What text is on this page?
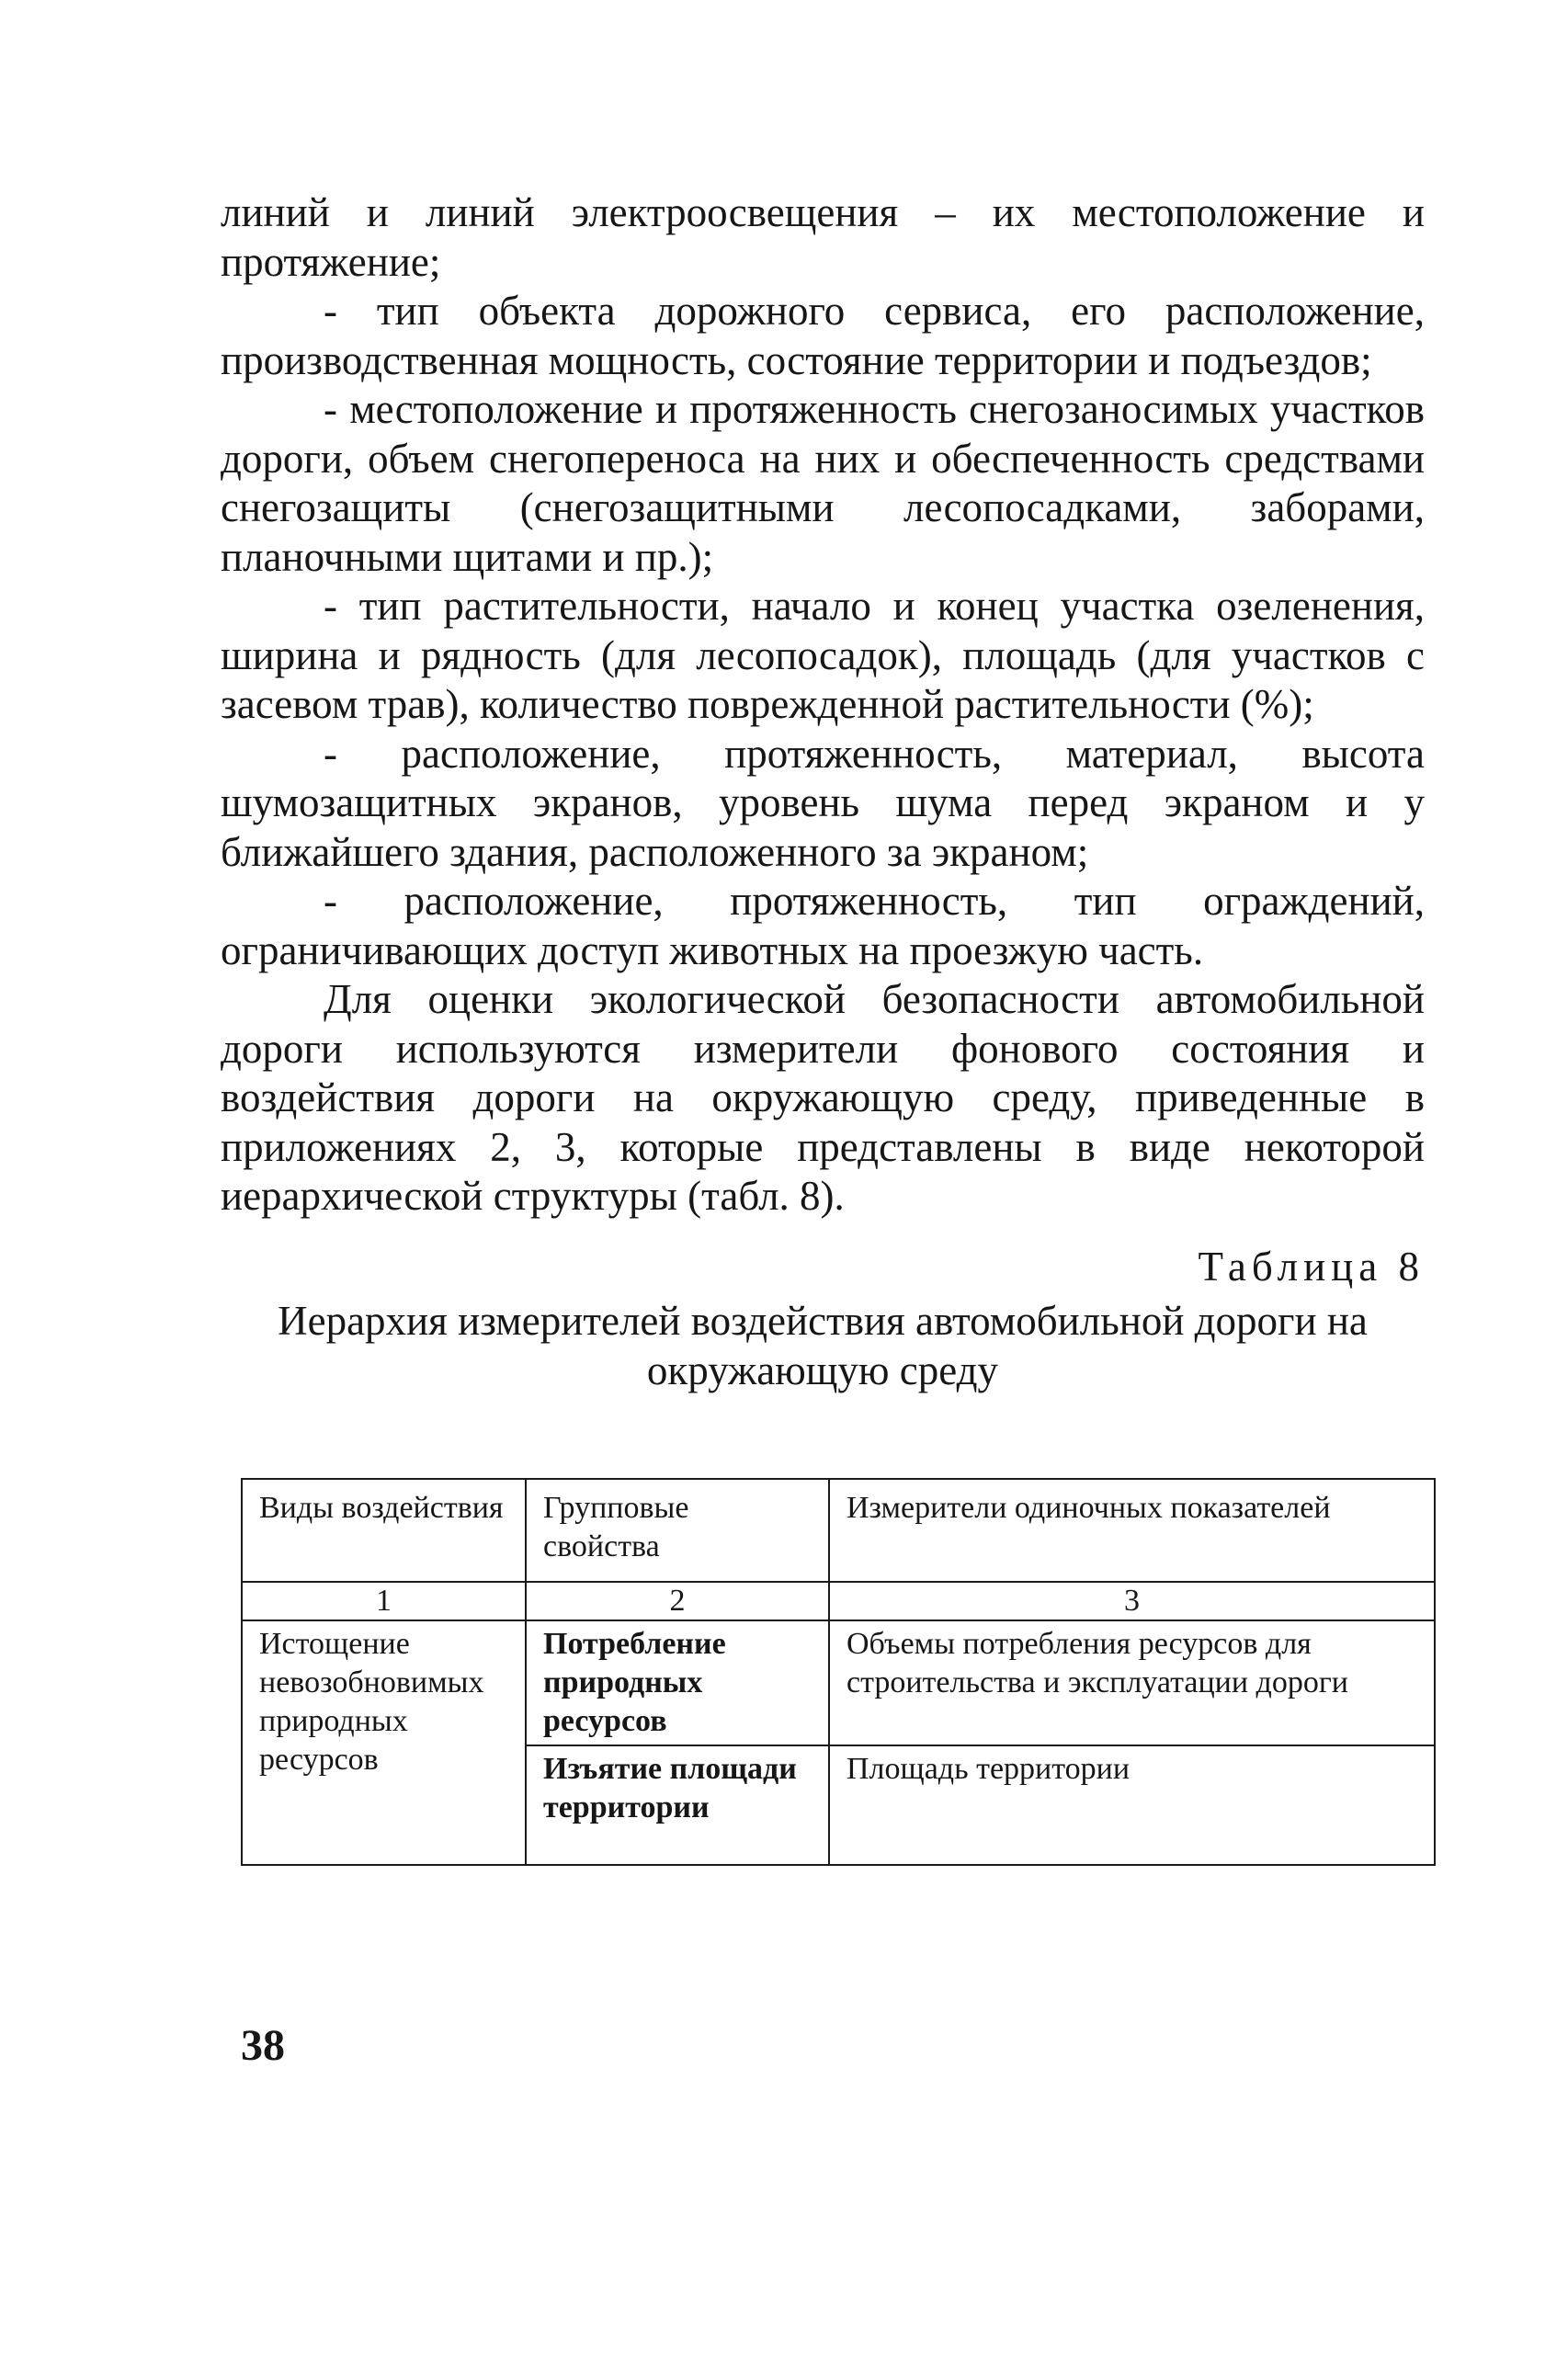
линий и линий электроосвещения – их местоположение и протяжение;

- тип объекта дорожного сервиса, его расположение, производственная мощность, состояние территории и подъездов;

- местоположение и протяженность снегозаносимых участков дороги, объем снегопереноса на них и обеспеченность средствами снегозащиты (снегозащитными лесопосадками, заборами, планочными щитами и пр.);

- тип растительности, начало и конец участка озеленения, ширина и рядность (для лесопосадок), площадь (для участков с засевом трав), количество поврежденной растительности (%);

- расположение, протяженность, материал, высота шумозащитных экранов, уровень шума перед экраном и у ближайшего здания, расположенного за экраном;

- расположение, протяженность, тип ограждений, ограничивающих доступ животных на проезжую часть.

Для оценки экологической безопасности автомобильной дороги используются измерители фонового состояния и воздействия дороги на окружающую среду, приведенные в приложениях 2, 3, которые представлены в виде некоторой иерархической структуры (табл. 8).

Таблица 8
Иерархия измерителей воздействия автомобильной дороги на окружающую среду
Виды воздействия	Групповые свойства	Измерители одиночных показателей
1	2	3
Истощение невозобновимых природных ресурсов	Потребление природных ресурсов	Объемы потребления ресурсов для строительства и эксплуатации дороги
	Изъятие площади территории	Площадь территории
38
